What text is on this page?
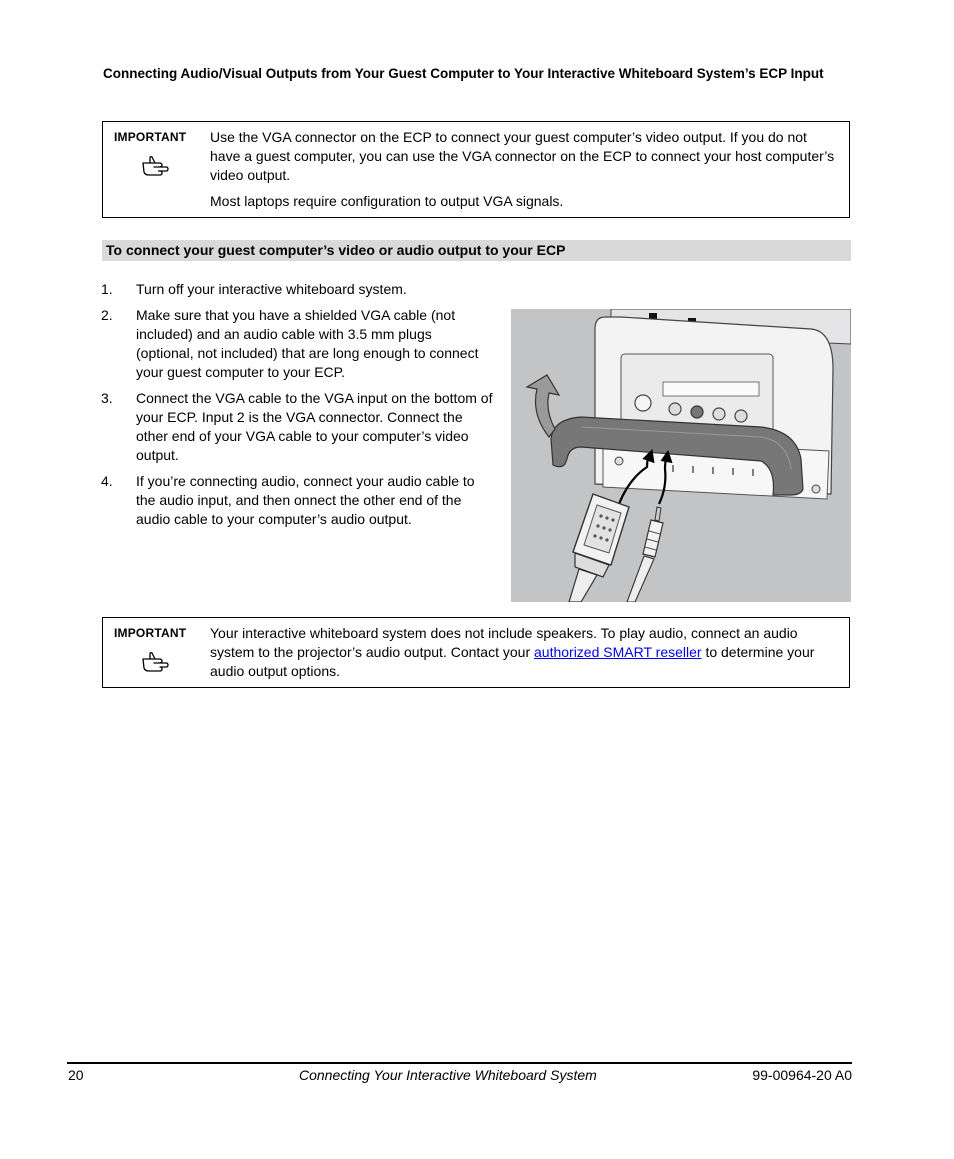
Connecting Audio/Visual Outputs from Your Guest Computer to Your Interactive Whiteboard System’s ECP Input
IMPORTANT Use the VGA connector on the ECP to connect your guest computer’s video output. If you do not have a guest computer, you can use the VGA connector on the ECP to connect your host computer’s video output.

Most laptops require configuration to output VGA signals.

To connect your guest computer’s video or audio output to your ECP
1. Turn off your interactive whiteboard system.
2. Make sure that you have a shielded VGA cable (not included) and an audio cable with 3.5 mm plugs (optional, not included) that are long enough to connect your guest computer to your ECP.
3. Connect the VGA cable to the VGA input on the bottom of your ECP. Input 2 is the VGA connector. Connect the other end of your VGA cable to your computer’s video output.
4. If you’re connecting audio, connect your audio cable to the audio input, and then onnect the other end of the audio cable to your computer’s audio output.
IMPORTANT Your interactive whiteboard system does not include speakers. To play audio, connect an audio system to the projector’s audio output. Contact your authorized SMART reseller to determine your audio output options.

20	Connecting Your Interactive Whiteboard System	99-00964-20 A0
